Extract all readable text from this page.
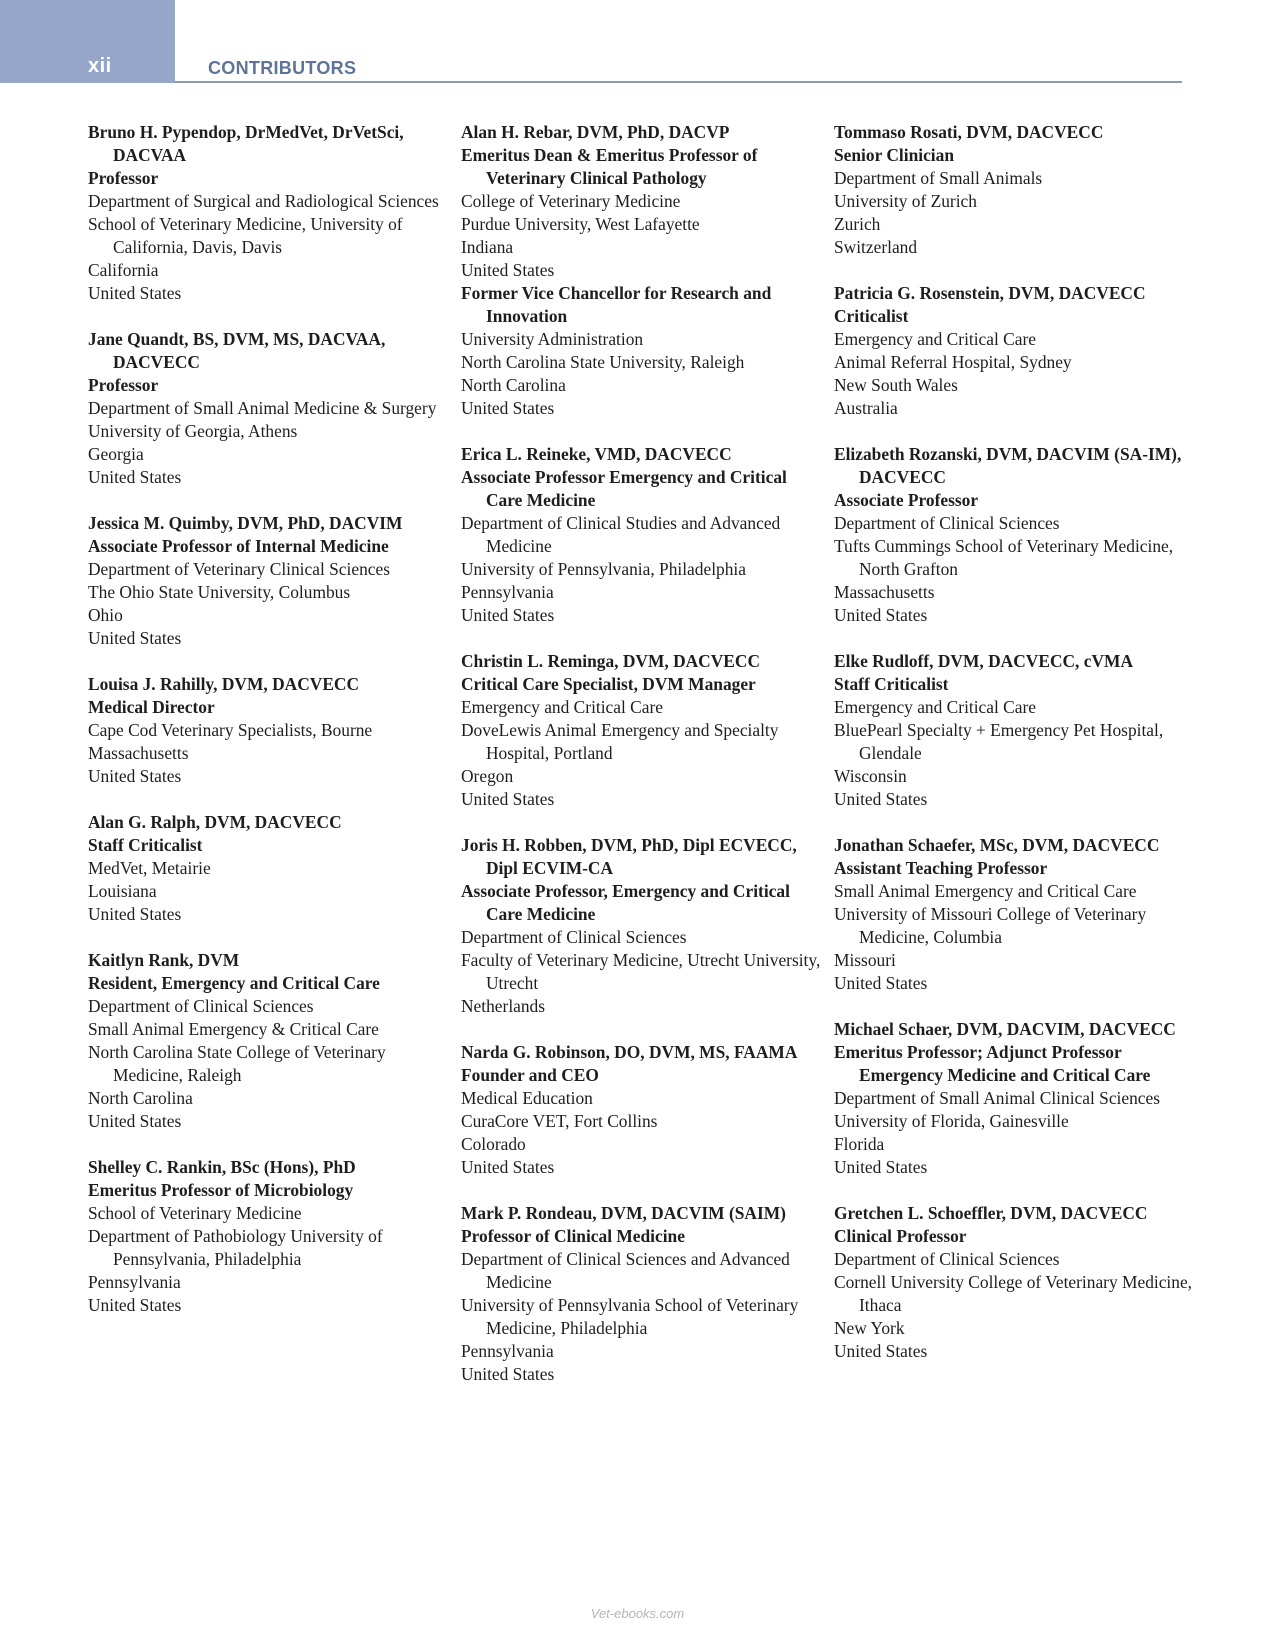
xii	CONTRIBUTORS
Bruno H. Pypendop, DrMedVet, DrVetSci, DACVAA
Professor
Department of Surgical and Radiological Sciences
School of Veterinary Medicine, University of California, Davis, Davis
California
United States
Jane Quandt, BS, DVM, MS, DACVAA, DACVECC
Professor
Department of Small Animal Medicine & Surgery
University of Georgia, Athens
Georgia
United States
Jessica M. Quimby, DVM, PhD, DACVIM
Associate Professor of Internal Medicine
Department of Veterinary Clinical Sciences
The Ohio State University, Columbus
Ohio
United States
Louisa J. Rahilly, DVM, DACVECC
Medical Director
Cape Cod Veterinary Specialists, Bourne
Massachusetts
United States
Alan G. Ralph, DVM, DACVECC
Staff Criticalist
MedVet, Metairie
Louisiana
United States
Kaitlyn Rank, DVM
Resident, Emergency and Critical Care
Department of Clinical Sciences
Small Animal Emergency & Critical Care
North Carolina State College of Veterinary Medicine, Raleigh
North Carolina
United States
Shelley C. Rankin, BSc (Hons), PhD
Emeritus Professor of Microbiology
School of Veterinary Medicine
Department of Pathobiology University of Pennsylvania, Philadelphia
Pennsylvania
United States
Alan H. Rebar, DVM, PhD, DACVP
Emeritus Dean & Emeritus Professor of Veterinary Clinical Pathology
College of Veterinary Medicine
Purdue University, West Lafayette
Indiana
United States
Former Vice Chancellor for Research and Innovation
University Administration
North Carolina State University, Raleigh
North Carolina
United States
Erica L. Reineke, VMD, DACVECC
Associate Professor Emergency and Critical Care Medicine
Department of Clinical Studies and Advanced Medicine
University of Pennsylvania, Philadelphia
Pennsylvania
United States
Christin L. Reminga, DVM, DACVECC
Critical Care Specialist, DVM Manager
Emergency and Critical Care
DoveLewis Animal Emergency and Specialty Hospital, Portland
Oregon
United States
Joris H. Robben, DVM, PhD, Dipl ECVECC, Dipl ECVIM-CA
Associate Professor, Emergency and Critical Care Medicine
Department of Clinical Sciences
Faculty of Veterinary Medicine, Utrecht University, Utrecht
Netherlands
Narda G. Robinson, DO, DVM, MS, FAAMA
Founder and CEO
Medical Education
CuraCore VET, Fort Collins
Colorado
United States
Mark P. Rondeau, DVM, DACVIM (SAIM)
Professor of Clinical Medicine
Department of Clinical Sciences and Advanced Medicine
University of Pennsylvania School of Veterinary Medicine, Philadelphia
Pennsylvania
United States
Tommaso Rosati, DVM, DACVECC
Senior Clinician
Department of Small Animals
University of Zurich
Zurich
Switzerland
Patricia G. Rosenstein, DVM, DACVECC
Criticalist
Emergency and Critical Care
Animal Referral Hospital, Sydney
New South Wales
Australia
Elizabeth Rozanski, DVM, DACVIM (SA-IM), DACVECC
Associate Professor
Department of Clinical Sciences
Tufts Cummings School of Veterinary Medicine, North Grafton
Massachusetts
United States
Elke Rudloff, DVM, DACVECC, cVMA
Staff Criticalist
Emergency and Critical Care
BluePearl Specialty + Emergency Pet Hospital, Glendale
Wisconsin
United States
Jonathan Schaefer, MSc, DVM, DACVECC
Assistant Teaching Professor
Small Animal Emergency and Critical Care
University of Missouri College of Veterinary Medicine, Columbia
Missouri
United States
Michael Schaer, DVM, DACVIM, DACVECC
Emeritus Professor; Adjunct Professor Emergency Medicine and Critical Care
Department of Small Animal Clinical Sciences
University of Florida, Gainesville
Florida
United States
Gretchen L. Schoeffler, DVM, DACVECC
Clinical Professor
Department of Clinical Sciences
Cornell University College of Veterinary Medicine, Ithaca
New York
United States
Vet-ebooks.com
